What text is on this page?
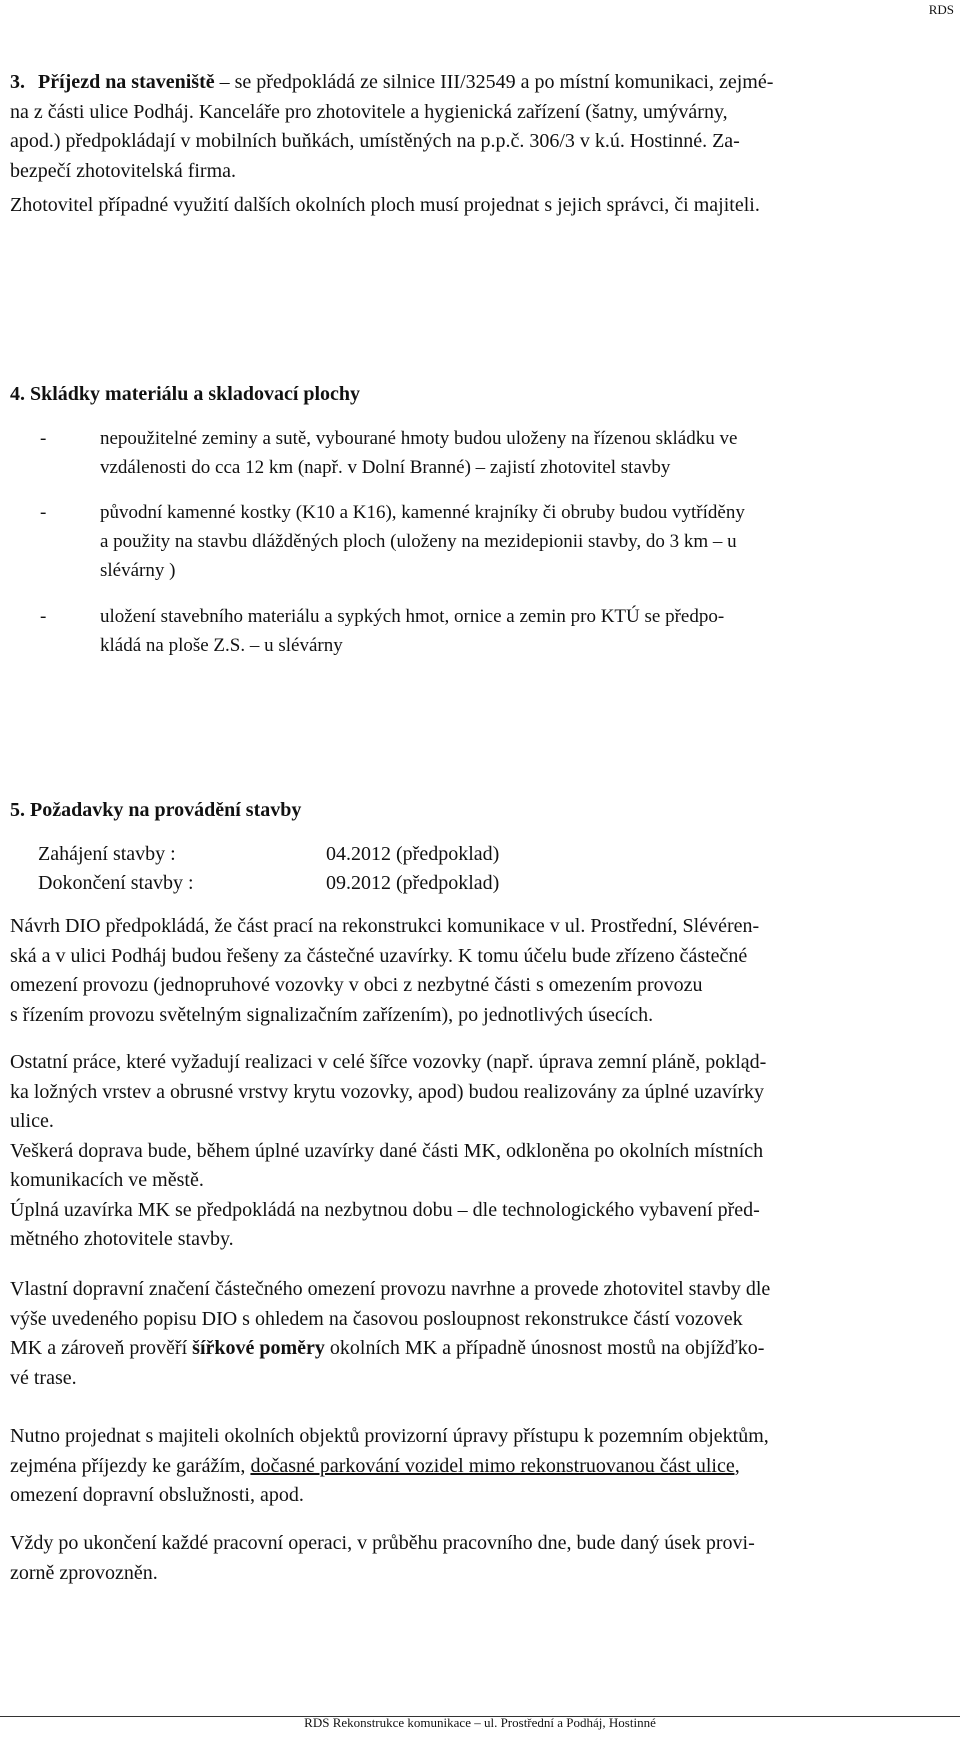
RDS
3. Příjezd na staveniště – se předpokládá ze silnice III/32549 a po místní komunikaci, zejmé-
na z části ulice Podháj. Kanceláře pro zhotovitele a hygienická zařízení (šatny, umývárny,
apod.) předpokládají v mobilních buňkách, umístěných na p.p.č. 306/3 v k.ú. Hostinné. Za-
bezpečí zhotovitelská firma.
Zhotovitel případné využití dalších okolních ploch musí projednat s jejich správci, či majiteli.
4. Skládky materiálu a skladovací plochy
-	nepoužitelné zeminy a sutě, vybourané hmoty budou uloženy na řízenou skládku ve
vzdálenosti do cca 12 km (např. v Dolní Branné) – zajistí zhotovitel stavby
-	původní kamenné kostky (K10 a K16), kamenné krajníky či obruby budou vytříděny
a použity na stavbu dlážděných ploch (uloženy na mezidepionii stavby, do 3 km – u
slévárny )
-	uložení stavebního materiálu a sypkých hmot, ornice a zemin pro KTÚ se předpo-
kládá na ploše Z.S. – u slévárny
5. Požadavky na provádění stavby
Zahájení stavby :	04.2012 (předpoklad)
Dokončení stavby :	09.2012 (předpoklad)
Návrh DIO předpokládá, že část prací na rekonstrukci komunikace v ul. Prostřední, Slévéren-
ská a v ulici Podháj budou řešeny za částečné uzavírky. K tomu účelu bude zřízeno částečné
omezení provozu (jednopruhové vozovky v obci z nezbytné části s omezením provozu
s řízením provozu světelným signalizačním zařízením), po jednotlivých úsecích.
Ostatní práce, které vyžadují realizaci v celé šířce vozovky (např. úprava zemní pláně, pokląd-
ka ložných vrstev a obrusné vrstvy krytu vozovky, apod) budou realizovány za úplné uzavírky
ulice.
Veškerá doprava bude, během úplné uzavírky dané části MK, odkloněna po okolních místních
komunikacích ve městě.
Úplná uzavírka MK se předpokládá na nezbytnou dobu – dle technologického vybavení před-
mětného zhotovitele stavby.
Vlastní dopravní značení částečného omezení provozu navrhne a provede zhotovitel stavby dle
výše uvedeného popisu DIO s ohledem na časovou posloupnost rekonstrukce částí vozovek
MK a zároveň prověří šířkové poměry okolních MK a případně únosnost mostů na objížďko-
vé trase.
Nutno projednat s majiteli okolních objektů provizorní úpravy přístupu k pozemním objektům,
zejména příjezdy ke garážím, dočasné parkování vozidel mimo rekonstruovanou část ulice,
omezení dopravní obslužnosti, apod.
Vždy po ukončení každé pracovní operaci, v průběhu pracovního dne, bude daný úsek provi-
zorně zprovozněn.
RDS Rekonstrukce komunikace – ul. Prostřední a Podháj, Hostinné
